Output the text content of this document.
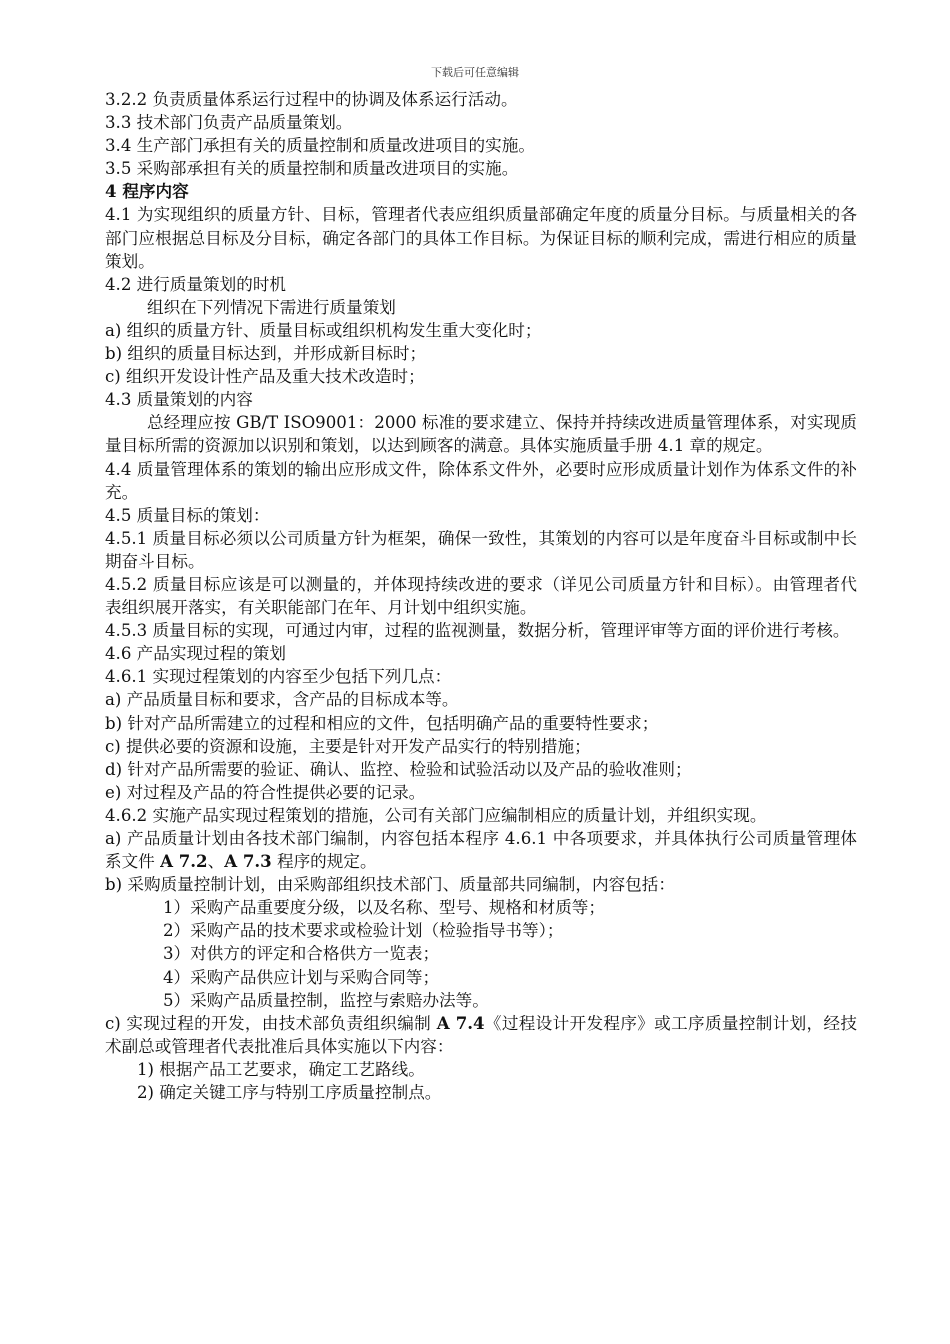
下载后可任意编辑

3.2.2 负责质量体系运行过程中的协调及体系运行活动。

3.3 技术部门负责产品质量策划。

3.4 生产部门承担有关的质量控制和质量改进项目的实施。

3.5 采购部承担有关的质量控制和质量改进项目的实施。

4 程序内容

4.1 为实现组织的质量方针、目标，管理者代表应组织质量部确定年度的质量分目标。与质量相关的各部门应根据总目标及分目标，确定各部门的具体工作目标。为保证目标的顺利完成，需进行相应的质量策划。

4.2 进行质量策划的时机

组织在下列情况下需进行质量策划

a) 组织的质量方针、质量目标或组织机构发生重大变化时；

b) 组织的质量目标达到，并形成新目标时；

c) 组织开发设计性产品及重大技术改造时；

4.3 质量策划的内容

总经理应按 GB/T ISO9001：2000 标准的要求建立、保持并持续改进质量管理体系，对实现质量目标所需的资源加以识别和策划，以达到顾客的满意。具体实施质量手册 4.1 章的规定。

4.4 质量管理体系的策划的输出应形成文件，除体系文件外，必要时应形成质量计划作为体系文件的补充。

4.5 质量目标的策划：

4.5.1 质量目标必须以公司质量方针为框架，确保一致性，其策划的内容可以是年度奋斗目标或制中长期奋斗目标。

4.5.2 质量目标应该是可以测量的，并体现持续改进的要求（详见公司质量方针和目标）。由管理者代表组织展开落实，有关职能部门在年、月计划中组织实施。

4.5.3 质量目标的实现，可通过内审，过程的监视测量，数据分析，管理评审等方面的评价进行考核。

4.6 产品实现过程的策划

4.6.1 实现过程策划的内容至少包括下列几点：

a) 产品质量目标和要求，含产品的目标成本等。

b) 针对产品所需建立的过程和相应的文件，包括明确产品的重要特性要求；

c) 提供必要的资源和设施，主要是针对开发产品实行的特别措施；

d) 针对产品所需要的验证、确认、监控、检验和试验活动以及产品的验收准则；

e) 对过程及产品的符合性提供必要的记录。

4.6.2 实施产品实现过程策划的措施，公司有关部门应编制相应的质量计划，并组织实现。

a) 产品质量计划由各技术部门编制，内容包括本程序 4.6.1 中各项要求，并具体执行公司质量管理体系文件 A 7.2、A 7.3 程序的规定。

b) 采购质量控制计划，由采购部组织技术部门、质量部共同编制，内容包括：

1）采购产品重要度分级，以及名称、型号、规格和材质等；

2）采购产品的技术要求或检验计划（检验指导书等）；

3）对供方的评定和合格供方一览表；

4）采购产品供应计划与采购合同等；

5）采购产品质量控制，监控与索赔办法等。

c) 实现过程的开发，由技术部负责组织编制 A 7.4《过程设计开发程序》或工序质量控制计划，经技术副总或管理者代表批准后具体实施以下内容：

1) 根据产品工艺要求，确定工艺路线。

2) 确定关键工序与特别工序质量控制点。
